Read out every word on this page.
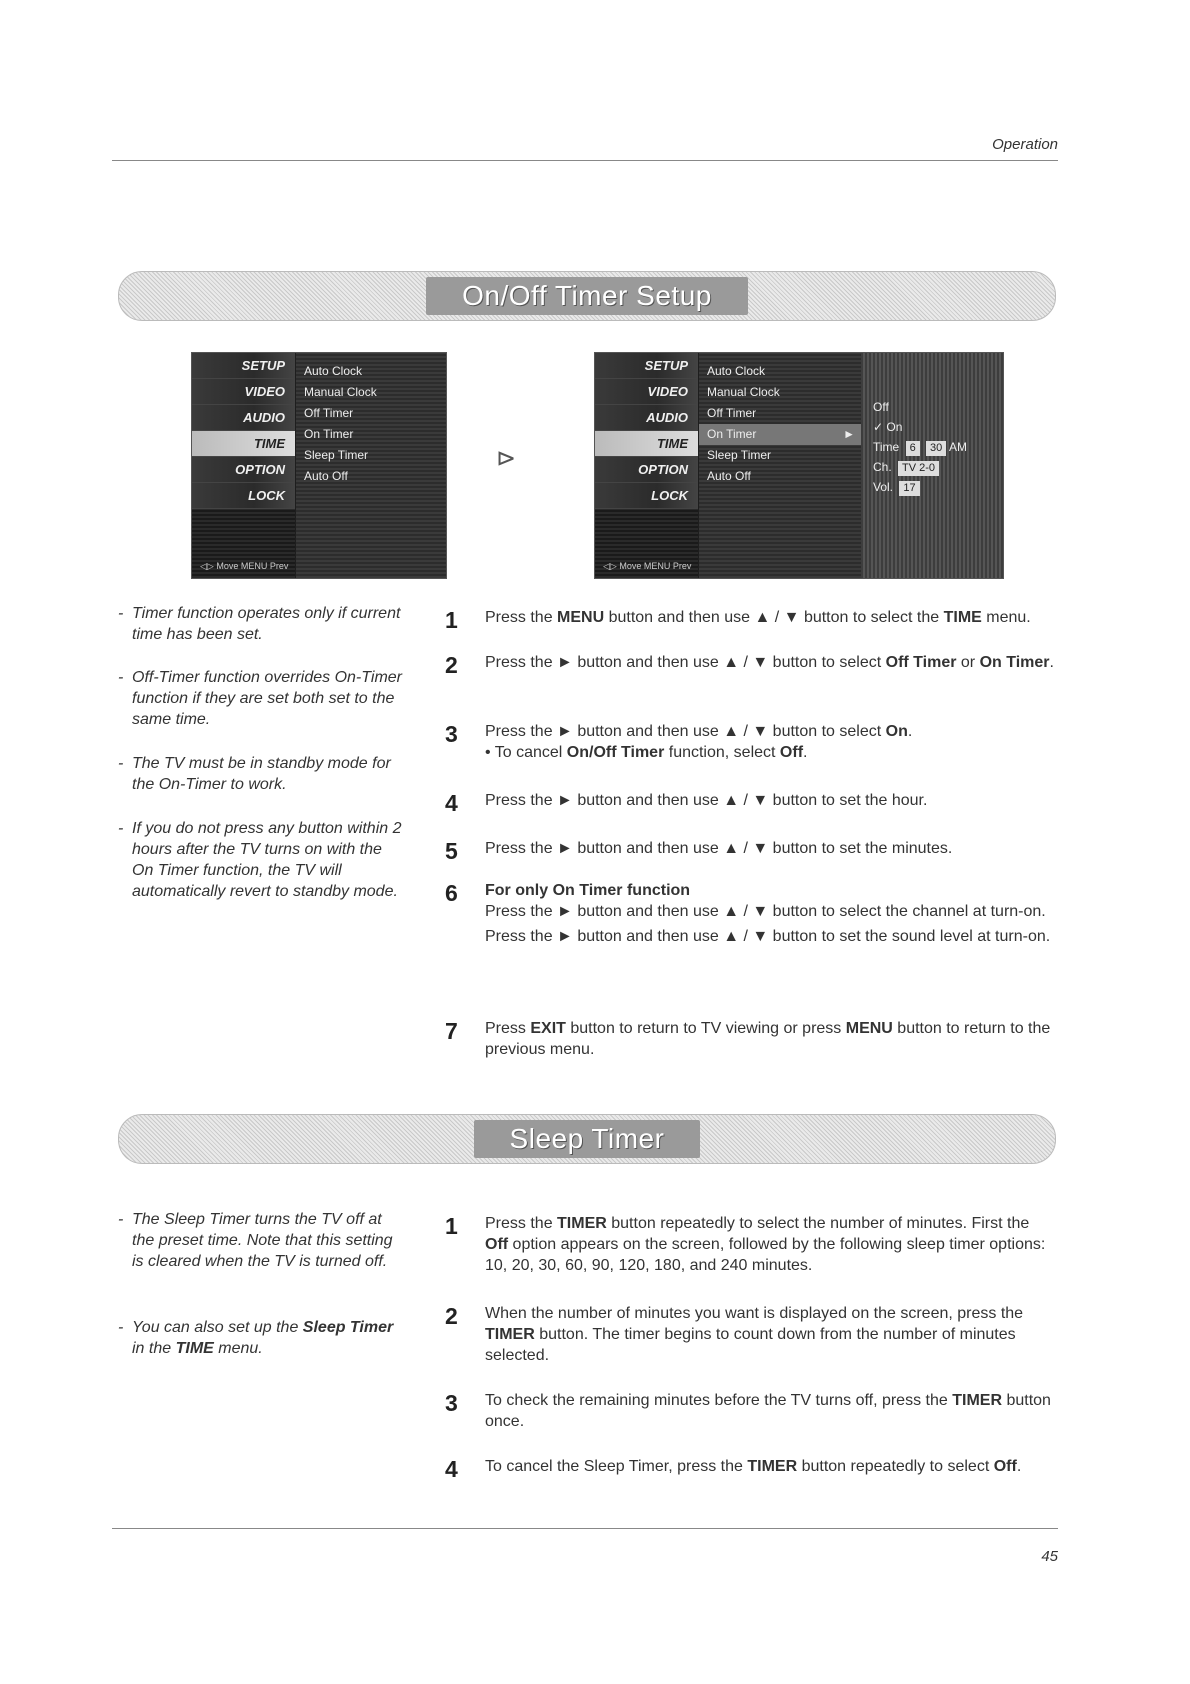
Operation
On/Off Timer Setup
SETUP
VIDEO
AUDIO
TIME
OPTION
LOCK
Auto Clock
Manual Clock
Off Timer
On Timer
Sleep Timer
Auto Off
◁▷ Move MENU Prev
⊳
SETUP
VIDEO
AUDIO
TIME
OPTION
LOCK
Auto Clock
Manual Clock
Off Timer
On Timer	►
Sleep Timer
Auto Off
Off
✓ On
Time 6 30 AM
Ch. TV 2-0
Vol. 17
◁▷ Move MENU Prev
- Timer function operates only if current time has been set.
- Off-Timer function overrides On-Timer function if they are set both set to the same time.
- The TV must be in standby mode for the On-Timer to work.
- If you do not press any button within 2 hours after the TV turns on with the On Timer function, the TV will automatically revert to standby mode.
1	Press the MENU button and then use ▲ / ▼ button to select the TIME menu.
2	Press the ► button and then use ▲ / ▼ button to select Off Timer or On Timer.
3	Press the ► button and then use ▲ / ▼ button to select On.
• To cancel On/Off Timer function, select Off.
4	Press the ► button and then use ▲ / ▼ button to set the hour.
5	Press the ► button and then use ▲ / ▼ button to set the minutes.
6	For only On Timer function
Press the ► button and then use ▲ / ▼ button to select the channel at turn-on.
Press the ► button and then use ▲ / ▼ button to set the sound level at turn-on.
7	Press EXIT button to return to TV viewing or press MENU button to return to the previous menu.
Sleep Timer
- The Sleep Timer turns the TV off at the preset time. Note that this setting is cleared when the TV is turned off.
- You can also set up the Sleep Timer in the TIME menu.
1	Press the TIMER button repeatedly to select the number of minutes. First the Off option appears on the screen, followed by the following sleep timer options: 10, 20, 30, 60, 90, 120, 180, and 240 minutes.
2	When the number of minutes you want is displayed on the screen, press the TIMER button. The timer begins to count down from the number of minutes selected.
3	To check the remaining minutes before the TV turns off, press the TIMER button once.
4	To cancel the Sleep Timer, press the TIMER button repeatedly to select Off.
45
